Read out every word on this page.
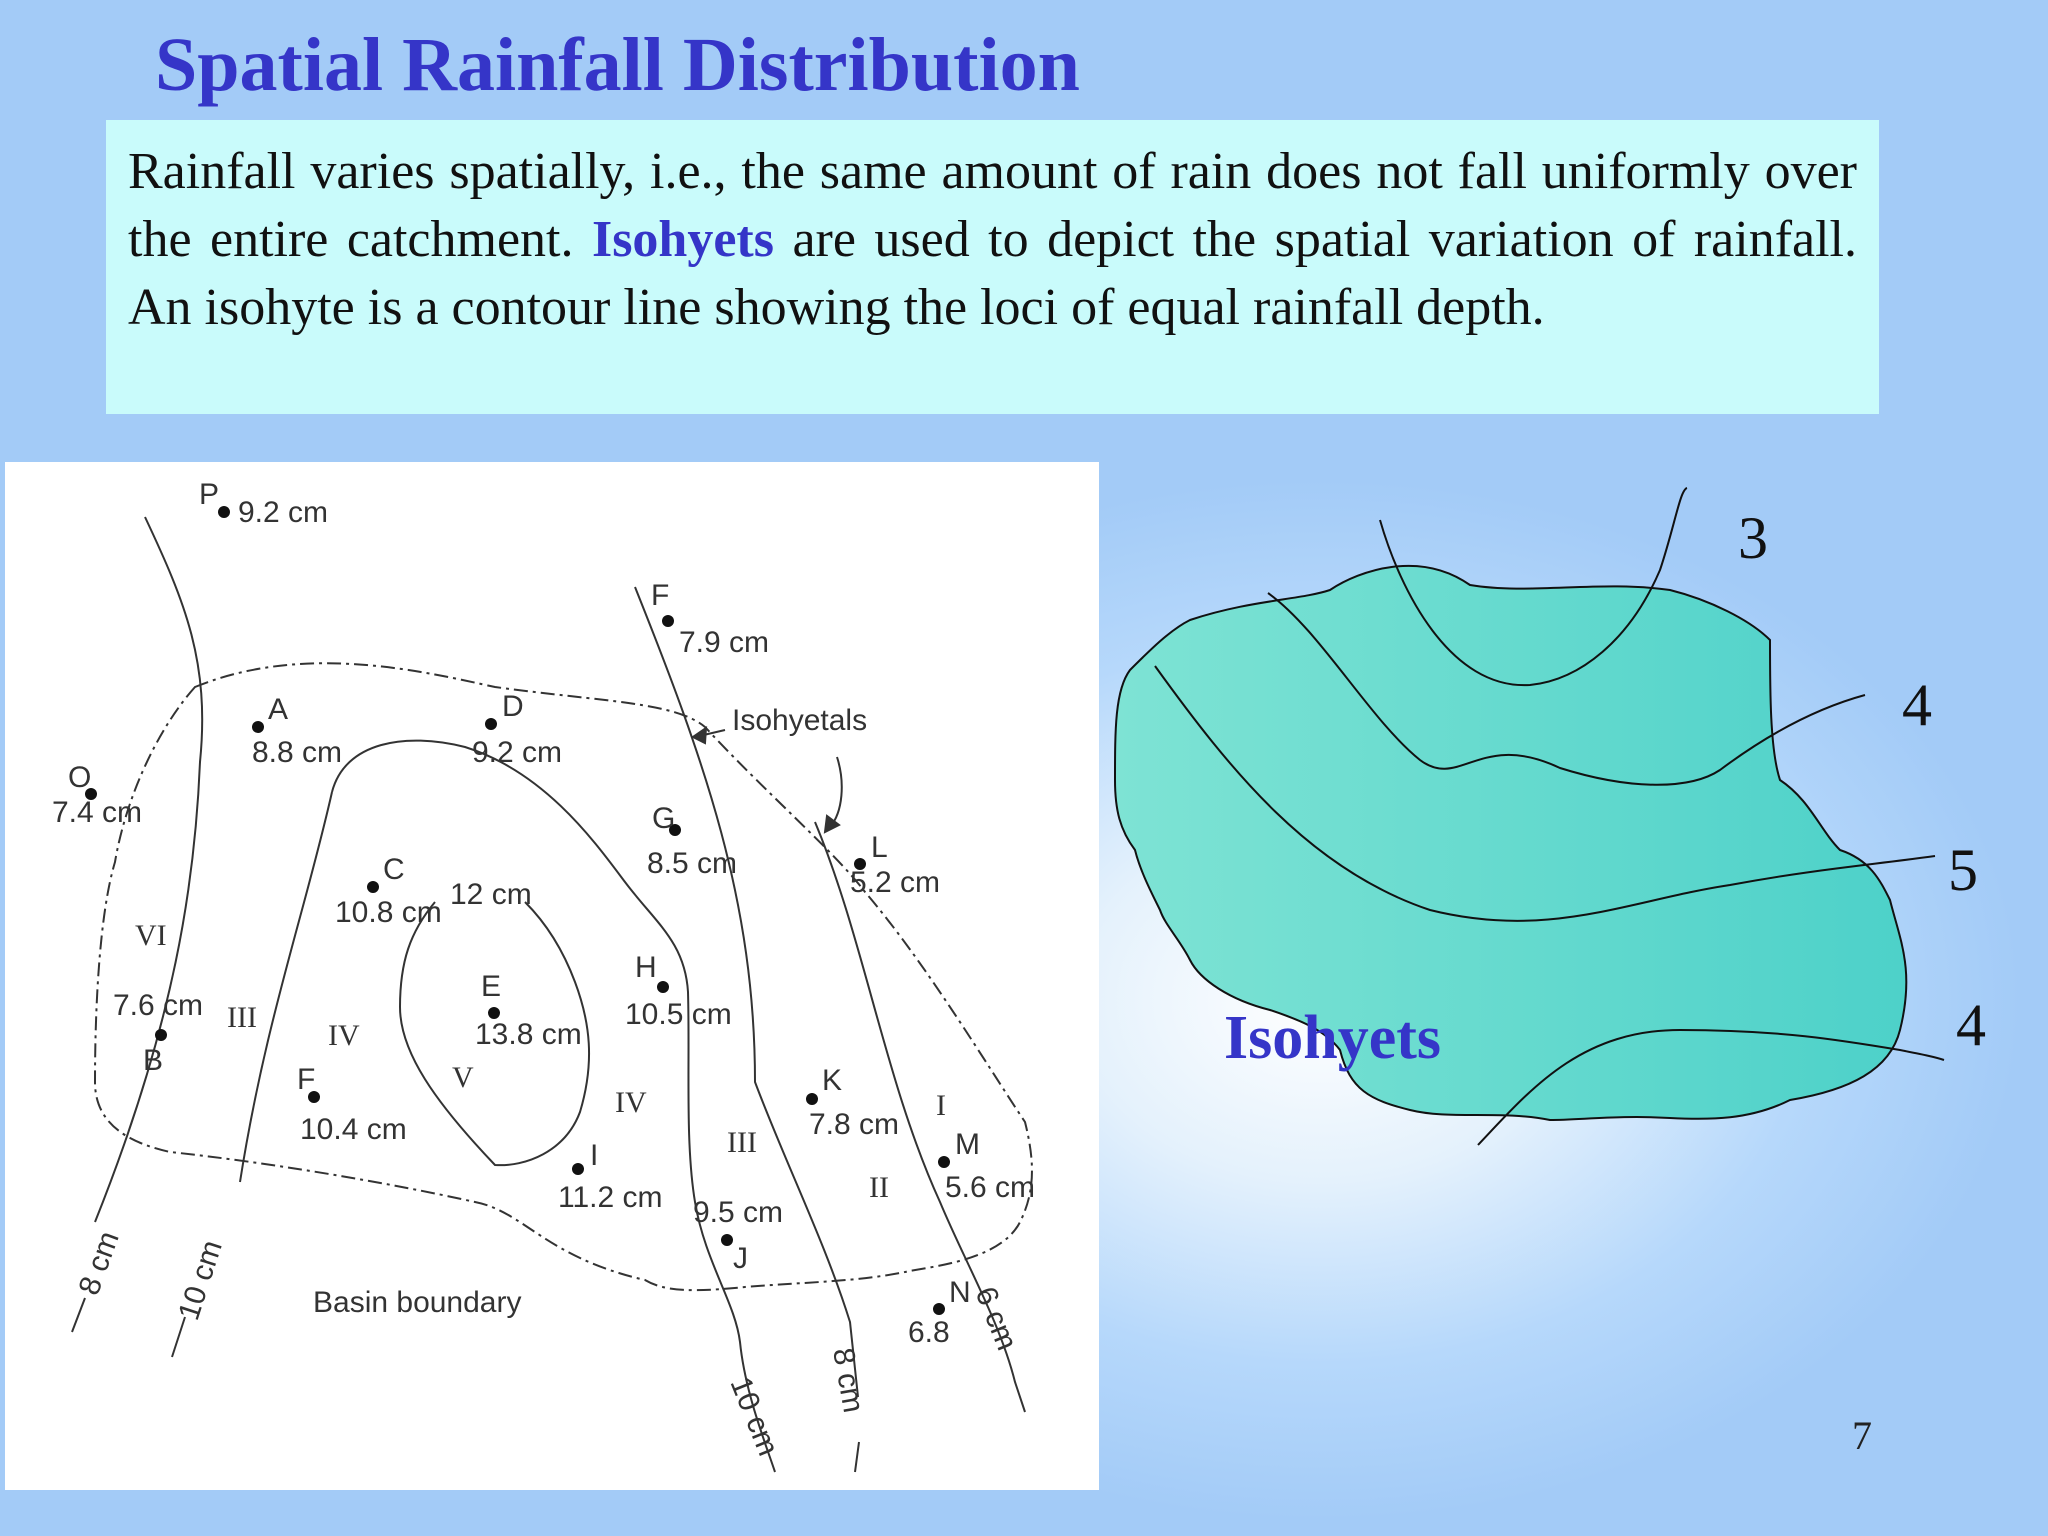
Spatial Rainfall Distribution
Rainfall varies spatially, i.e., the same amount of rain does not fall uniformly over the entire catchment. Isohyets are used to depict the spatial variation of rainfall. An isohyte is a contour line showing the loci of equal rainfall depth.
P
9.2 cm
A
8.8 cm
D
9.2 cm
F
7.9 cm
O
7.4 cm	G
8.5 cm	L
5.2 cm
C
10.8 cm
E
13.8 cm
H
10.5 cm
B
7.6 cm
F
10.4 cm
K
7.8 cm
I
11.2 cm
J
9.5 cm
M
5.6 cm
N
6.8
8 cm 10 cm
12 cm
10 cm 8 cm
6 cm
VI
III
IV
V
IV
III
II
I
Isohyetals
Basin boundary
3
4
5
4
Isohyets
7
